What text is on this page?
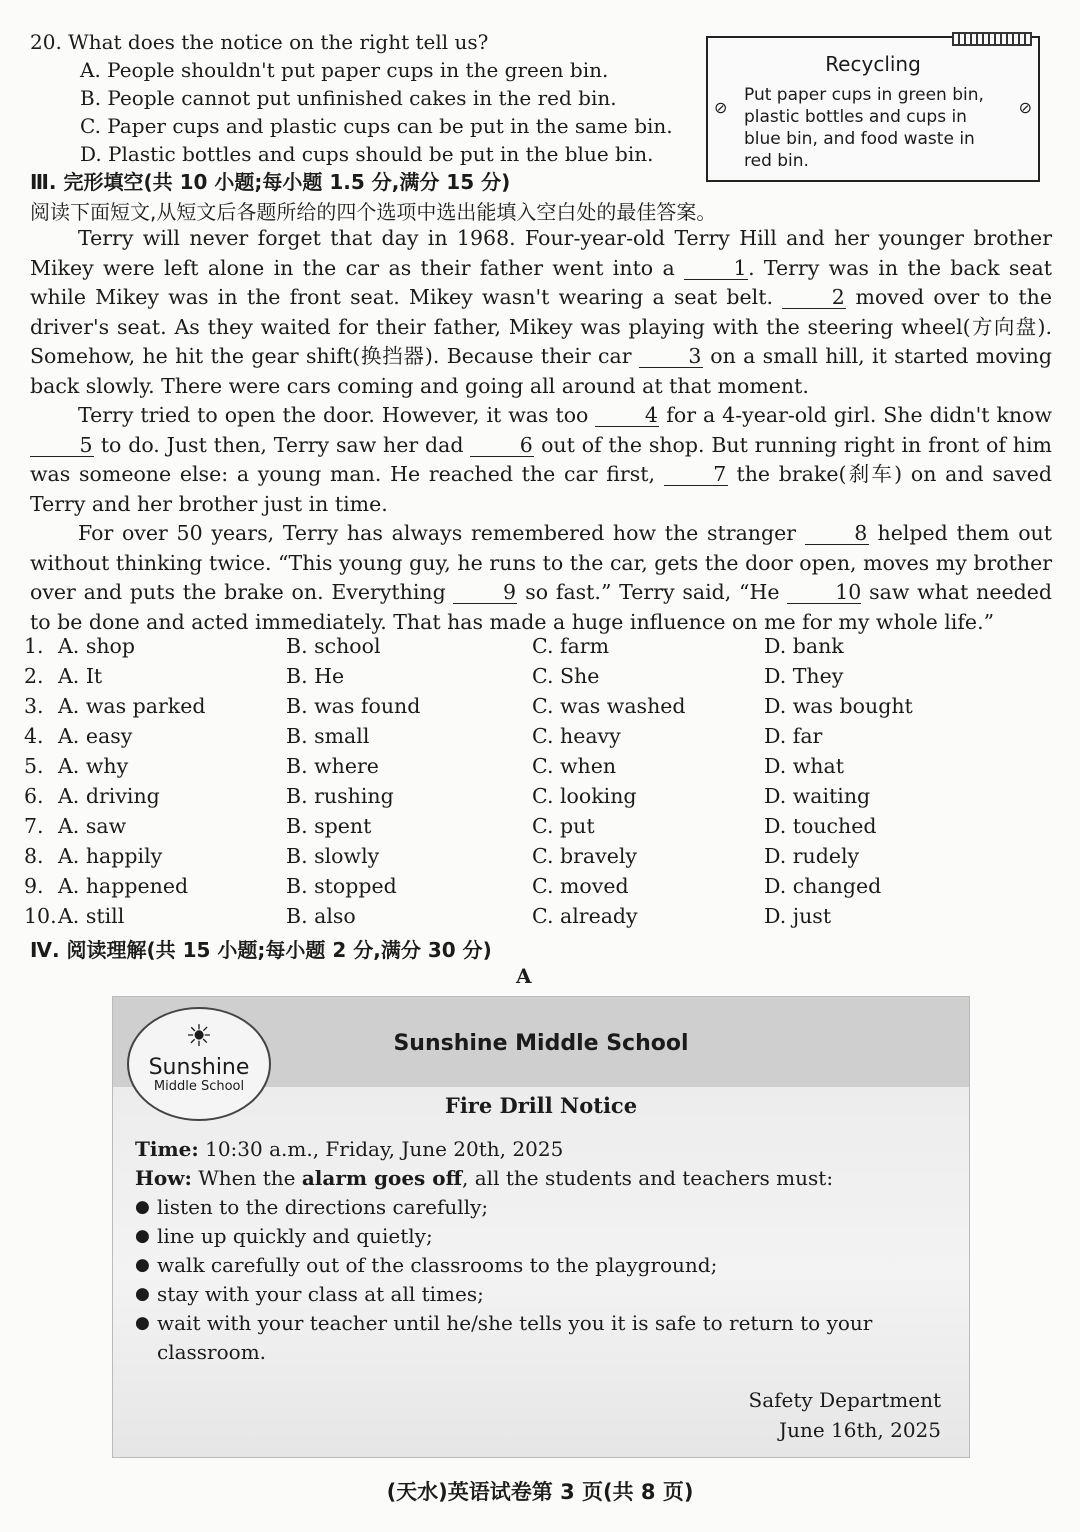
20. What does the notice on the right tell us?
A. People shouldn't put paper cups in the green bin.
B. People cannot put unfinished cakes in the red bin.
C. Paper cups and plastic cups can be put in the same bin.
D. Plastic bottles and cups should be put in the blue bin.
⊘	⊘
Recycling
Put paper cups in green bin, plastic bottles and cups in blue bin, and food waste in red bin.
Ⅲ. 完形填空(共 10 小题;每小题 1.5 分,满分 15 分)
阅读下面短文,从短文后各题所给的四个选项中选出能填入空白处的最佳答案。

Terry will never forget that day in 1968. Four-year-old Terry Hill and her younger brother Mikey were left alone in the car as their father went into a 1. Terry was in the back seat while Mikey was in the front seat. Mikey wasn't wearing a seat belt. 2 moved over to the driver's seat. As they waited for their father, Mikey was playing with the steering wheel(方向盘). Somehow, he hit the gear shift(换挡器). Because their car 3 on a small hill, it started moving back slowly. There were cars coming and going all around at that moment.

Terry tried to open the door. However, it was too 4 for a 4-year-old girl. She didn't know 5 to do. Just then, Terry saw her dad 6 out of the shop. But running right in front of him was someone else: a young man. He reached the car first, 7 the brake(刹车) on and saved Terry and her brother just in time.

For over 50 years, Terry has always remembered how the stranger 8 helped them out without thinking twice. “This young guy, he runs to the car, gets the door open, moves my brother over and puts the brake on. Everything 9 so fast.” Terry said, “He 10 saw what needed to be done and acted immediately. That has made a huge influence on me for my whole life.”

1. A. shop	B. school	C. farm	D. bank
2. A. It	B. He	C. She	D. They
3. A. was parked	B. was found	C. was washed	D. was bought
4. A. easy	B. small	C. heavy	D. far
5. A. why	B. where	C. when	D. what
6. A. driving	B. rushing	C. looking	D. waiting
7. A. saw	B. spent	C. put	D. touched
8. A. happily	B. slowly	C. bravely	D. rudely
9. A. happened	B. stopped	C. moved	D. changed
10. A. still	B. also	C. already	D. just
Ⅳ. 阅读理解(共 15 小题;每小题 2 分,满分 30 分)
A
☀
Sunshine
Middle School
Sunshine Middle School
Fire Drill Notice
Time: 10:30 a.m., Friday, June 20th, 2025
How: When the alarm goes off, all the students and teachers must:
● listen to the directions carefully;
● line up quickly and quietly;
● walk carefully out of the classrooms to the playground;
● stay with your class at all times;
● wait with your teacher until he/she tells you it is safe to return to your classroom.
Safety Department
June 16th, 2025
(天水)英语试卷第 3 页(共 8 页)
